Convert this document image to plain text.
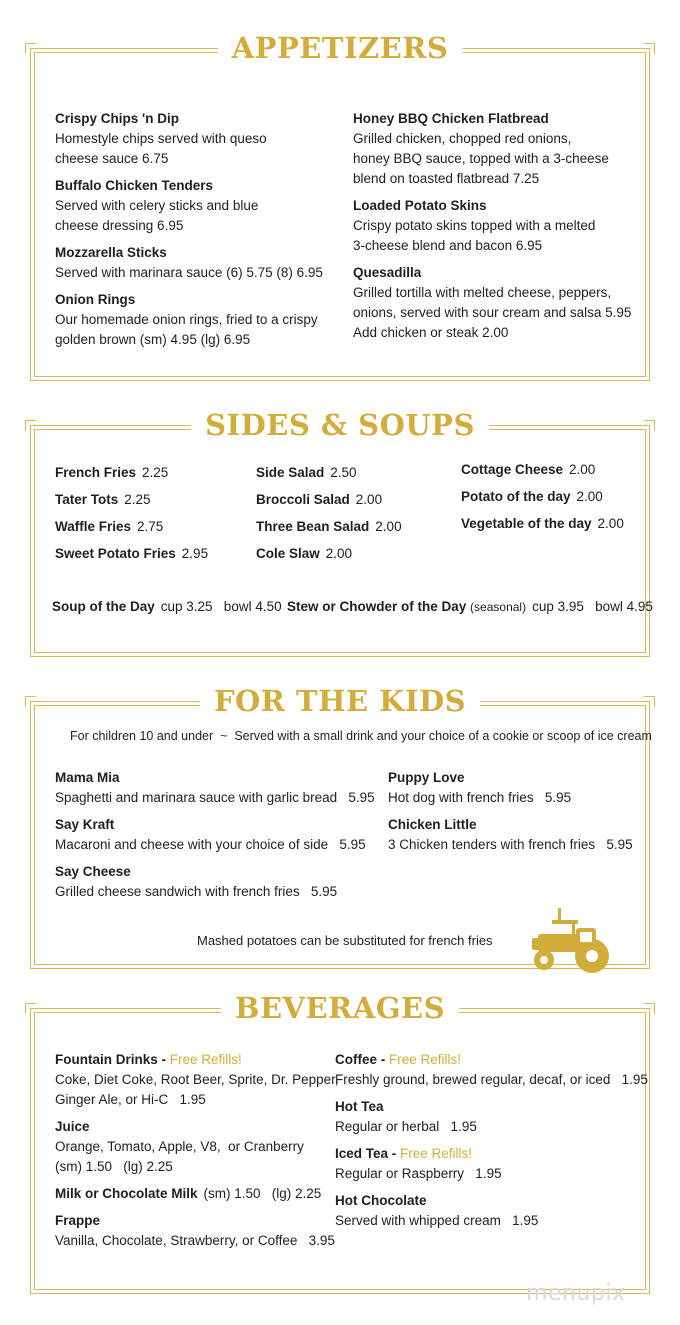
APPETIZERS
Crispy Chips 'n Dip
Homestyle chips served with queso
cheese sauce 6.75
Buffalo Chicken Tenders
Served with celery sticks and blue
cheese dressing 6.95
Mozzarella Sticks
Served with marinara sauce (6) 5.75 (8) 6.95
Onion Rings
Our homemade onion rings, fried to a crispy
golden brown (sm) 4.95 (lg) 6.95
Honey BBQ Chicken Flatbread
Grilled chicken, chopped red onions,
honey BBQ sauce, topped with a 3-cheese
blend on toasted flatbread 7.25
Loaded Potato Skins
Crispy potato skins topped with a melted
3-cheese blend and bacon 6.95
Quesadilla
Grilled tortilla with melted cheese, peppers,
onions, served with sour cream and salsa 5.95
Add chicken or steak 2.00
SIDES & SOUPS
French Fries 2.25
Tater Tots 2.25
Waffle Fries 2.75
Sweet Potato Fries 2.95
Side Salad 2.50
Broccoli Salad 2.00
Three Bean Salad 2.00
Cole Slaw 2.00
Cottage Cheese 2.00
Potato of the day 2.00
Vegetable of the day 2.00
Soup of the Day cup 3.25   bowl 4.50 Stew or Chowder of the Day (seasonal) cup 3.95   bowl 4.95
FOR THE KIDS
For children 10 and under  ~  Served with a small drink and your choice of a cookie or scoop of ice cream
Mama Mia
Spaghetti and marinara sauce with garlic bread   5.95
Say Kraft
Macaroni and cheese with your choice of side   5.95
Say Cheese
Grilled cheese sandwich with french fries   5.95
Puppy Love
Hot dog with french fries   5.95
Chicken Little
3 Chicken tenders with french fries   5.95
Mashed potatoes can be substituted for french fries
BEVERAGES
Fountain Drinks - Free Refills!
Coke, Diet Coke, Root Beer, Sprite, Dr. Pepper,
Ginger Ale, or Hi-C   1.95
Juice
Orange, Tomato, Apple, V8,  or Cranberry
(sm) 1.50   (lg) 2.25
Milk or Chocolate Milk (sm) 1.50   (lg) 2.25
Frappe
Vanilla, Chocolate, Strawberry, or Coffee   3.95
Coffee - Free Refills!
Freshly ground, brewed regular, decaf, or iced   1.95
Hot Tea
Regular or herbal   1.95
Iced Tea - Free Refills!
Regular or Raspberry   1.95
Hot Chocolate
Served with whipped cream   1.95
menupix
